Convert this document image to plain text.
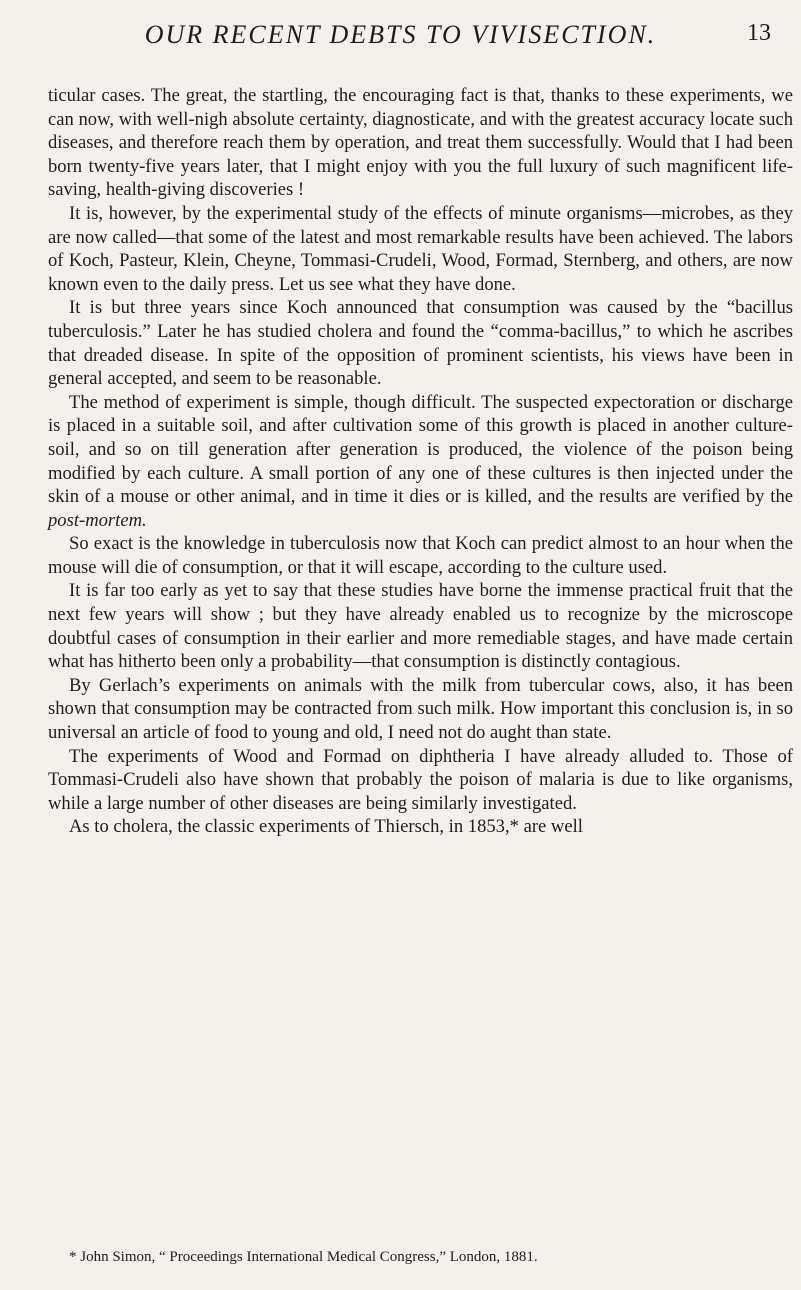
OUR RECENT DEBTS TO VIVISECTION.	13

ticular cases. The great, the startling, the encouraging fact is that, thanks to these experiments, we can now, with well-nigh absolute certainty, diagnosticate, and with the greatest accuracy locate such diseases, and therefore reach them by operation, and treat them successfully. Would that I had been born twenty-five years later, that I might enjoy with you the full luxury of such magnificent life-saving, health-giving discoveries !

It is, however, by the experimental study of the effects of minute organisms—microbes, as they are now called—that some of the latest and most remarkable results have been achieved. The labors of Koch, Pasteur, Klein, Cheyne, Tommasi-Crudeli, Wood, Formad, Sternberg, and others, are now known even to the daily press. Let us see what they have done.

It is but three years since Koch announced that consumption was caused by the “bacillus tuberculosis.” Later he has studied cholera and found the “comma-bacillus,” to which he ascribes that dreaded disease. In spite of the opposition of prominent scientists, his views have been in general accepted, and seem to be reasonable.

The method of experiment is simple, though difficult. The suspected expectoration or discharge is placed in a suitable soil, and after cultivation some of this growth is placed in another culture-soil, and so on till generation after generation is produced, the violence of the poison being modified by each culture. A small portion of any one of these cultures is then injected under the skin of a mouse or other animal, and in time it dies or is killed, and the results are verified by the post-mortem.

So exact is the knowledge in tuberculosis now that Koch can predict almost to an hour when the mouse will die of consumption, or that it will escape, according to the culture used.

It is far too early as yet to say that these studies have borne the immense practical fruit that the next few years will show ; but they have already enabled us to recognize by the microscope doubtful cases of consumption in their earlier and more remediable stages, and have made certain what has hitherto been only a probability—that consumption is distinctly contagious.

By Gerlach’s experiments on animals with the milk from tubercular cows, also, it has been shown that consumption may be contracted from such milk. How important this conclusion is, in so universal an article of food to young and old, I need not do aught than state.

The experiments of Wood and Formad on diphtheria I have already alluded to. Those of Tommasi-Crudeli also have shown that probably the poison of malaria is due to like organisms, while a large number of other diseases are being similarly investigated.

As to cholera, the classic experiments of Thiersch, in 1853,* are well

* John Simon, “ Proceedings International Medical Congress,” London, 1881.
